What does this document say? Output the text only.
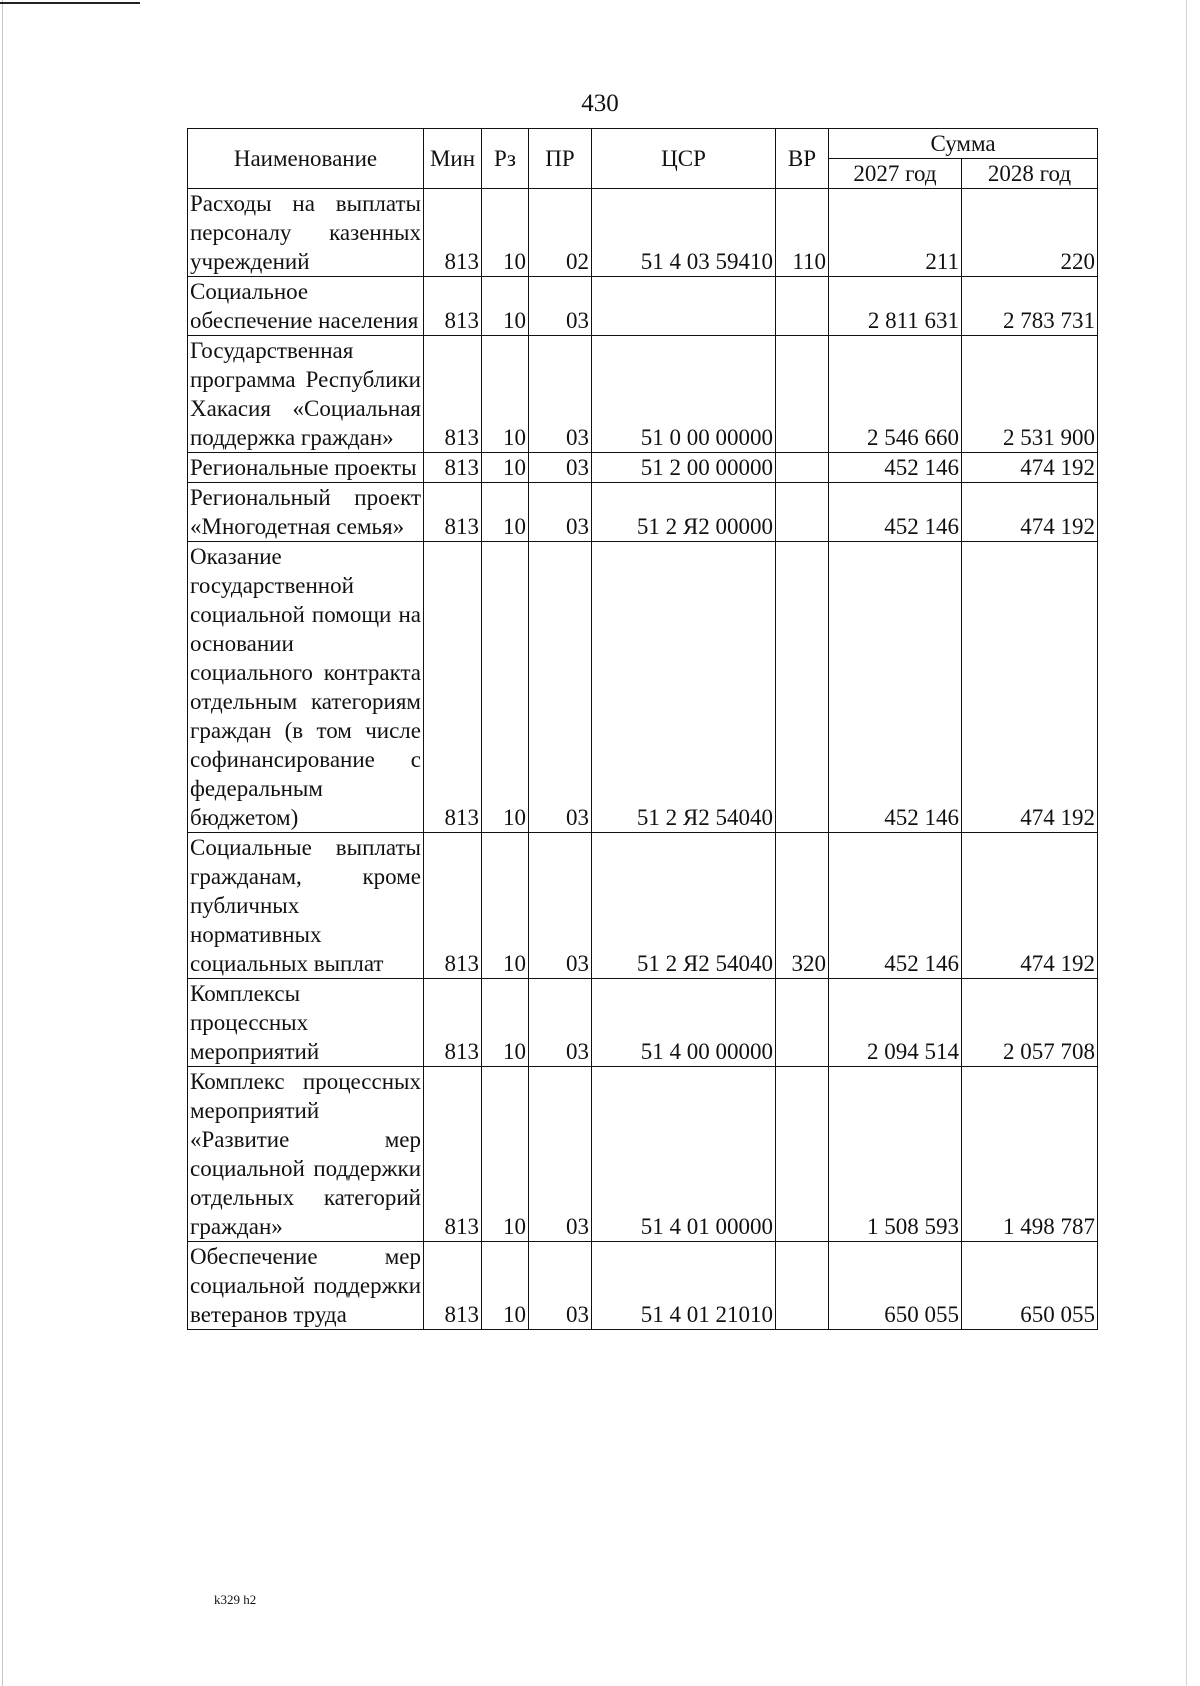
430
Наименование	Мин	Рз	ПР	ЦСР	ВР	Сумма	
						2027 год	2028 год
Расходы на выплаты персоналу казенных учреждений	813	10	02	51 4 03 59410	110	211	220
Социальное обеспечение населения	813	10	03			2 811 631	2 783 731
Государственная программа Республики Хакасия «Социальная поддержка граждан»	813	10	03	51 0 00 00000		2 546 660	2 531 900
Региональные проекты	813	10	03	51 2 00 00000		452 146	474 192
Региональный проект «Многодетная семья»	813	10	03	51 2 Я2 00000		452 146	474 192
Оказание государственной социальной помощи на основании социального контракта отдельным категориям граждан (в том числе софинансирование с федеральным бюджетом)	813	10	03	51 2 Я2 54040		452 146	474 192
Социальные выплаты гражданам, кроме публичных нормативных социальных выплат	813	10	03	51 2 Я2 54040	320	452 146	474 192
Комплексы процессных мероприятий	813	10	03	51 4 00 00000		2 094 514	2 057 708
Комплекс процессных мероприятий «Развитие мер социальной поддержки отдельных категорий граждан»	813	10	03	51 4 01 00000		1 508 593	1 498 787
Обеспечение мер социальной поддержки ветеранов труда	813	10	03	51 4 01 21010		650 055	650 055
k329 h2
